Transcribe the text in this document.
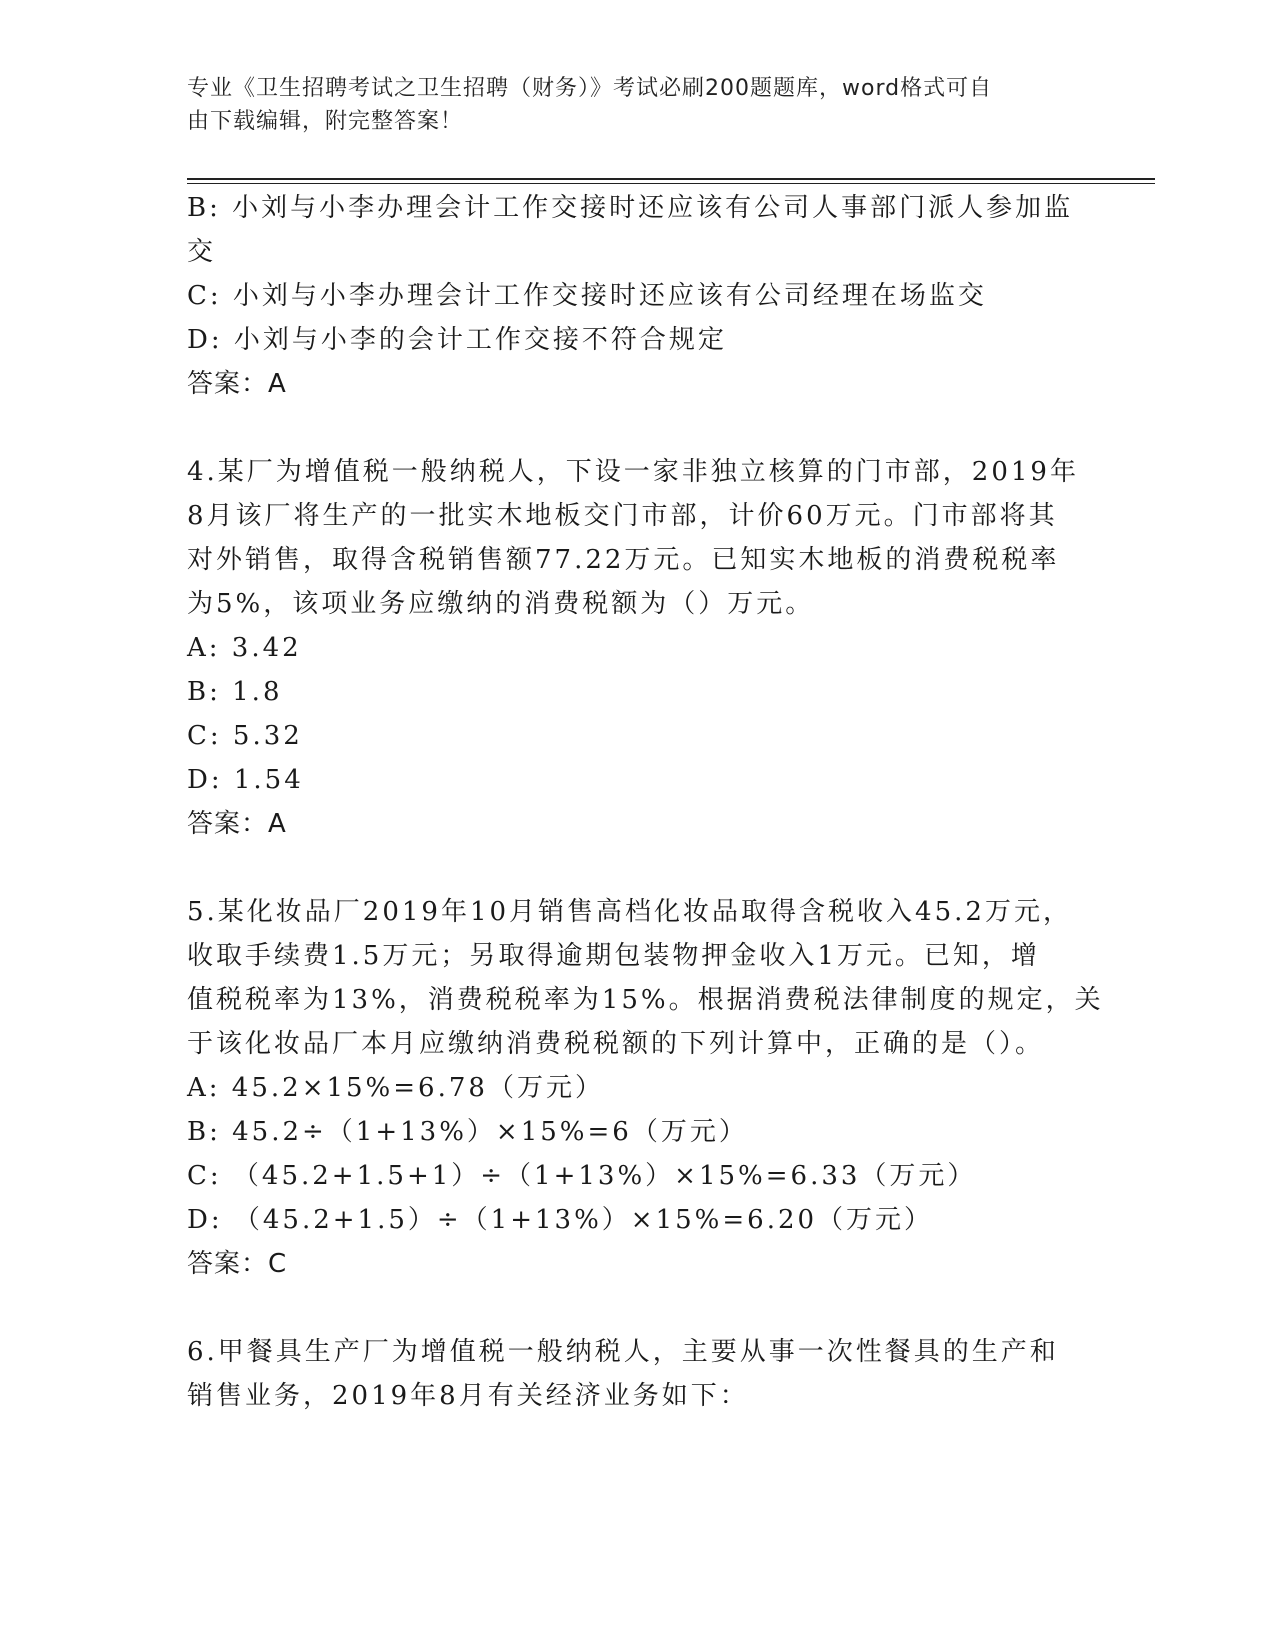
专业《卫生招聘考试之卫生招聘（财务）》考试必刷200题题库，word格式可自
由下载编辑，附完整答案！
B: 小刘与小李办理会计工作交接时还应该有公司人事部门派人参加监
交
C: 小刘与小李办理会计工作交接时还应该有公司经理在场监交
D: 小刘与小李的会计工作交接不符合规定
答案：A
4.某厂为增值税一般纳税人，下设一家非独立核算的门市部，2019年
8月该厂将生产的一批实木地板交门市部，计价60万元。门市部将其
对外销售，取得含税销售额77.22万元。已知实木地板的消费税税率
为5%，该项业务应缴纳的消费税额为（）万元。
A: 3.42
B: 1.8
C: 5.32
D: 1.54
答案：A
5.某化妆品厂2019年10月销售高档化妆品取得含税收入45.2万元，
收取手续费1.5万元；另取得逾期包装物押金收入1万元。已知，增
值税税率为13%，消费税税率为15%。根据消费税法律制度的规定，关
于该化妆品厂本月应缴纳消费税税额的下列计算中，正确的是（）。
A: 45.2×15%=6.78（万元）
B: 45.2÷（1+13%）×15%=6（万元）
C: （45.2+1.5+1）÷（1+13%）×15%=6.33（万元）
D: （45.2+1.5）÷（1+13%）×15%=6.20（万元）
答案：C
6.甲餐具生产厂为增值税一般纳税人，主要从事一次性餐具的生产和
销售业务，2019年8月有关经济业务如下：
